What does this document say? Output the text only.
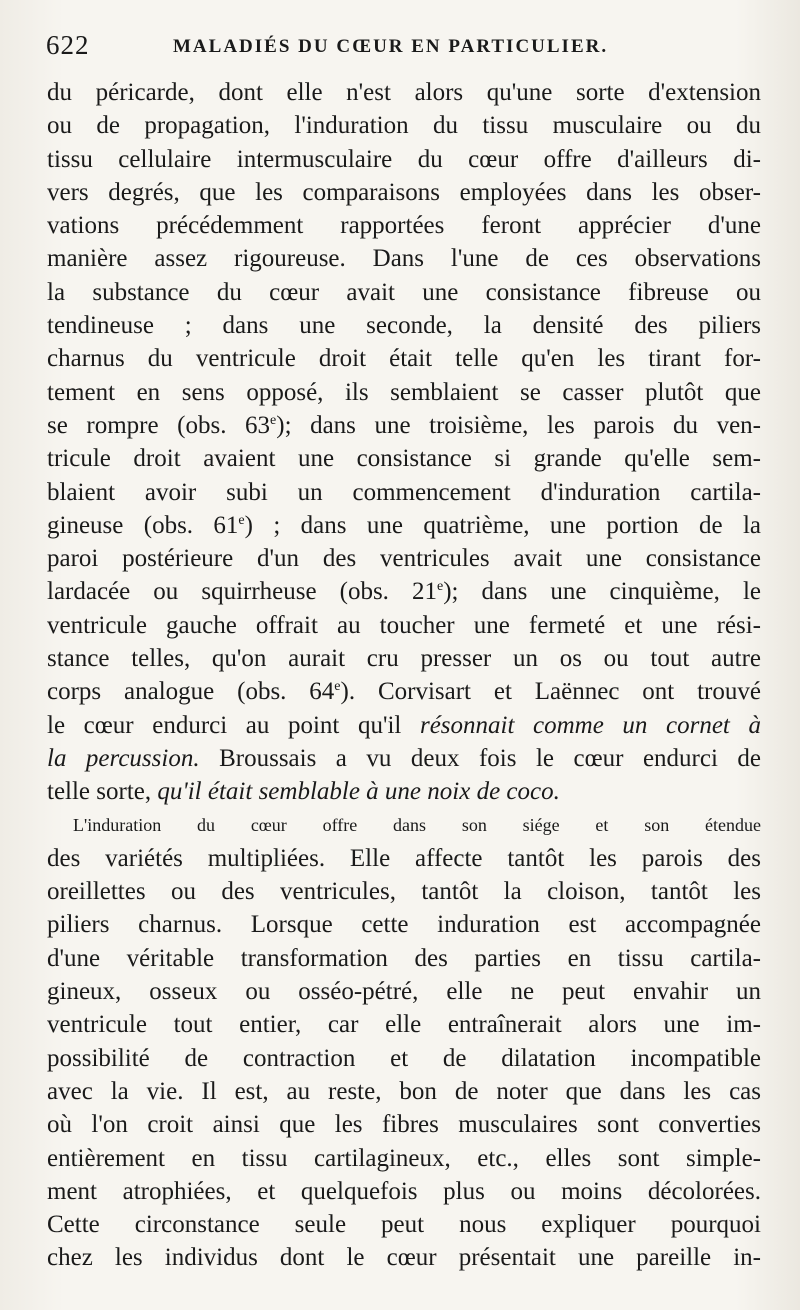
622	MALADIÉS DU CŒUR EN PARTICULIER.
du péricarde, dont elle n'est alors qu'une sorte d'extension
ou de propagation, l'induration du tissu musculaire ou du
tissu cellulaire intermusculaire du cœur offre d'ailleurs di-
vers degrés, que les comparaisons employées dans les obser-
vations précédemment rapportées feront apprécier d'une
manière assez rigoureuse. Dans l'une de ces observations
la substance du cœur avait une consistance fibreuse ou
tendineuse ; dans une seconde, la densité des piliers
charnus du ventricule droit était telle qu'en les tirant for-
tement en sens opposé, ils semblaient se casser plutôt que
se rompre (obs. 63e); dans une troisième, les parois du ven-
tricule droit avaient une consistance si grande qu'elle sem-
blaient avoir subi un commencement d'induration cartila-
gineuse (obs. 61e) ; dans une quatrième, une portion de la
paroi postérieure d'un des ventricules avait une consistance
lardacée ou squirrheuse (obs. 21e); dans une cinquième, le
ventricule gauche offrait au toucher une fermeté et une rési-
stance telles, qu'on aurait cru presser un os ou tout autre
corps analogue (obs. 64e). Corvisart et Laënnec ont trouvé
le cœur endurci au point qu'il résonnait comme un cornet à
la percussion. Broussais a vu deux fois le cœur endurci de
telle sorte, qu'il était semblable à une noix de coco.
L'induration du cœur offre dans son siége et son étendue
des variétés multipliées. Elle affecte tantôt les parois des
oreillettes ou des ventricules, tantôt la cloison, tantôt les
piliers charnus. Lorsque cette induration est accompagnée
d'une véritable transformation des parties en tissu cartila-
gineux, osseux ou osséo-pétré, elle ne peut envahir un
ventricule tout entier, car elle entraînerait alors une im-
possibilité de contraction et de dilatation incompatible
avec la vie. Il est, au reste, bon de noter que dans les cas
où l'on croit ainsi que les fibres musculaires sont converties
entièrement en tissu cartilagineux, etc., elles sont simple-
ment atrophiées, et quelquefois plus ou moins décolorées.
Cette circonstance seule peut nous expliquer pourquoi
chez les individus dont le cœur présentait une pareille in-
